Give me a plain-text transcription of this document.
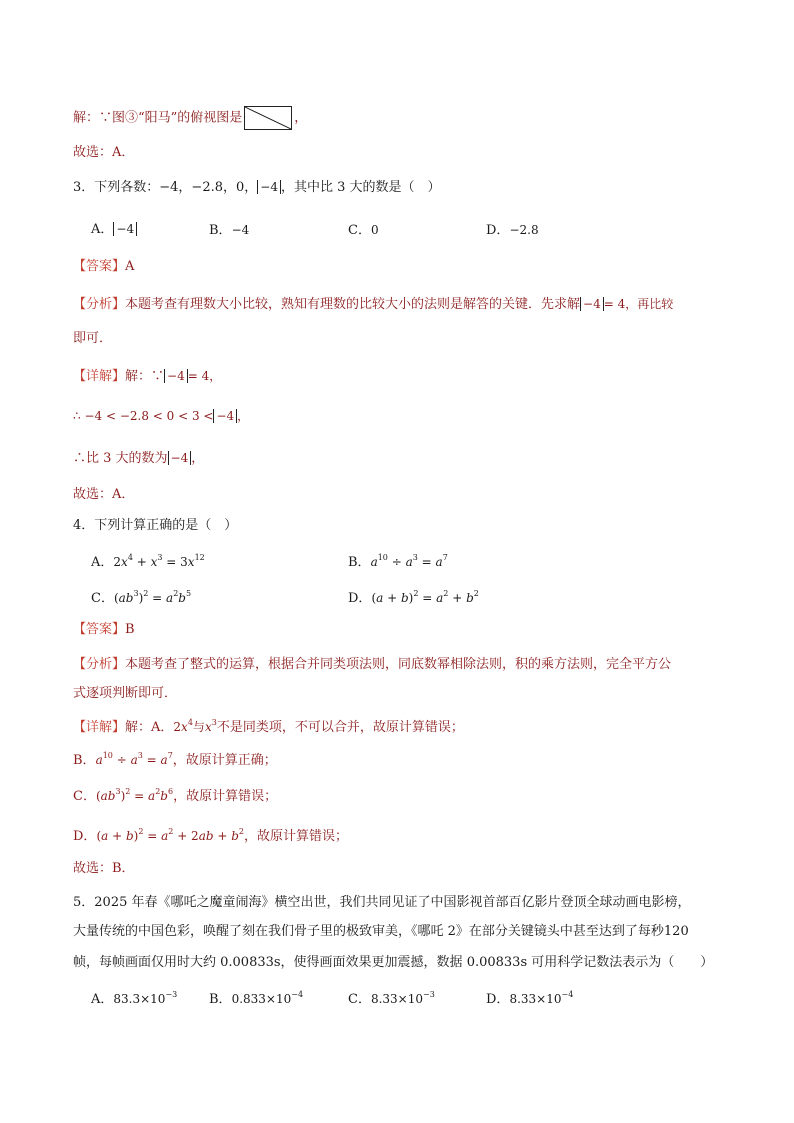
解：∵图③“阳马”的俯视图是	，
故选：A．
3．下列各数：−4，−2.8，0， −4 ，其中比 3 大的数是（　）
A． −4	B．−4	C．0	D．−2.8
【答案】A
【分析】本题考查有理数大小比较，熟知有理数的比较大小的法则是解答的关键．先求解 −4 = 4，再比较
即可．
【详解】解：∵ −4 = 4，
∴ −4 < −2.8 < 0 < 3 < −4 ，
∴比 3 大的数为 −4 ，
故选：A．
4．下列计算正确的是（　）
A．$2x^4 + x^3 = 3x^{12}$	B．$a^{10} \div a^3 = a^7$
C．$(ab^3)^2 = a^2b^5$	D．$(a + b)^2 = a^2 + b^2$
【答案】B
【分析】本题考查了整式的运算，根据合并同类项法则，同底数幂相除法则，积的乘方法则，完全平方公
式逐项判断即可．
【详解】解：A．$2x^4$与$x^3$不是同类项，不可以合并，故原计算错误；
B．$a^{10} \div a^3 = a^7$，故原计算正确；
C．$(ab^3)^2 = a^2b^6$，故原计算错误；
D．$(a + b)^2 = a^2 + 2ab + b^2$，故原计算错误；
故选：B．
5．2025 年春《哪吒之魔童闹海》横空出世，我们共同见证了中国影视首部百亿影片登顶全球动画电影榜，
大量传统的中国色彩，唤醒了刻在我们骨子里的极致审美，《哪吒 2》在部分关键镜头中甚至达到了每秒120
帧，每帧画面仅用时大约 0.00833s，使得画面效果更加震撼，数据 0.00833s 可用科学记数法表示为（　　）
A．$83.3\times 10^{-3}$ B．$0.833\times 10^{-4}$	C．$8.33\times 10^{-3}$	D．$8.33\times 10^{-4}$
